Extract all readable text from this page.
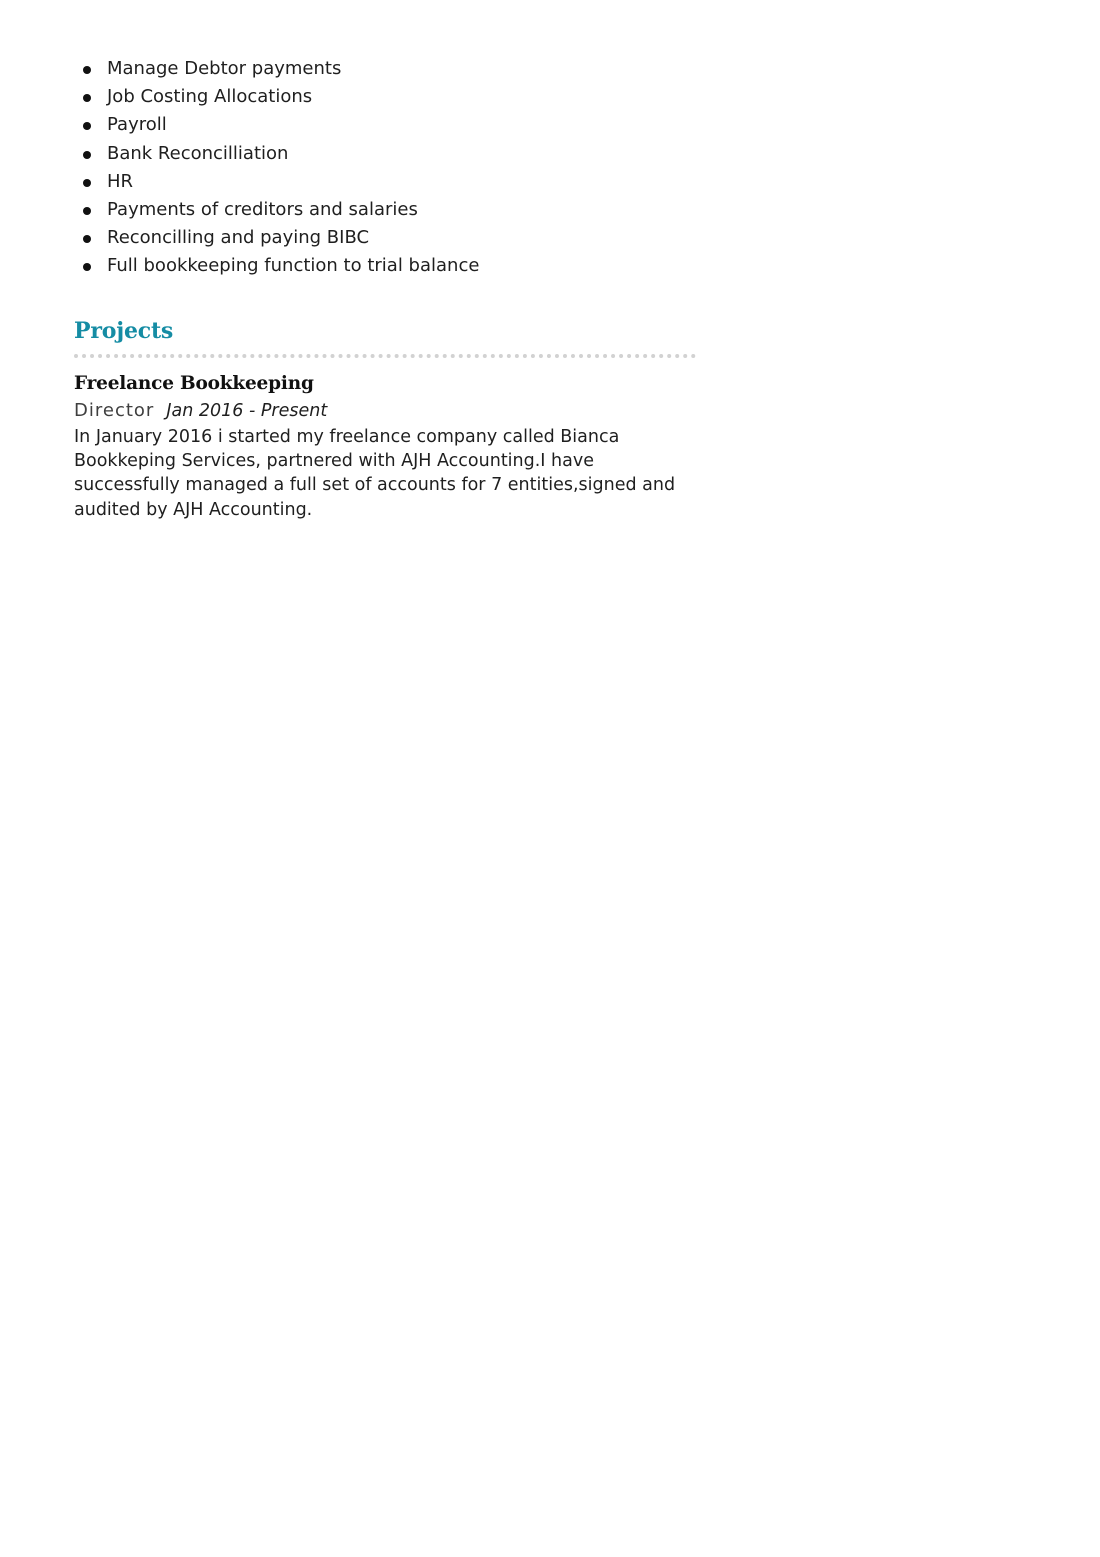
Manage Debtor payments
Job Costing Allocations
Payroll
Bank Reconcilliation
HR
Payments of creditors and salaries
Reconcilling and paying BIBC
Full bookkeeping function to trial balance
Projects
Freelance Bookkeeping
Director Jan 2016 - Present

In January 2016 i started my freelance company called Bianca Bookkeping Services, partnered with AJH Accounting.I have successfully managed a full set of accounts for 7 entities,signed and audited by AJH Accounting.
